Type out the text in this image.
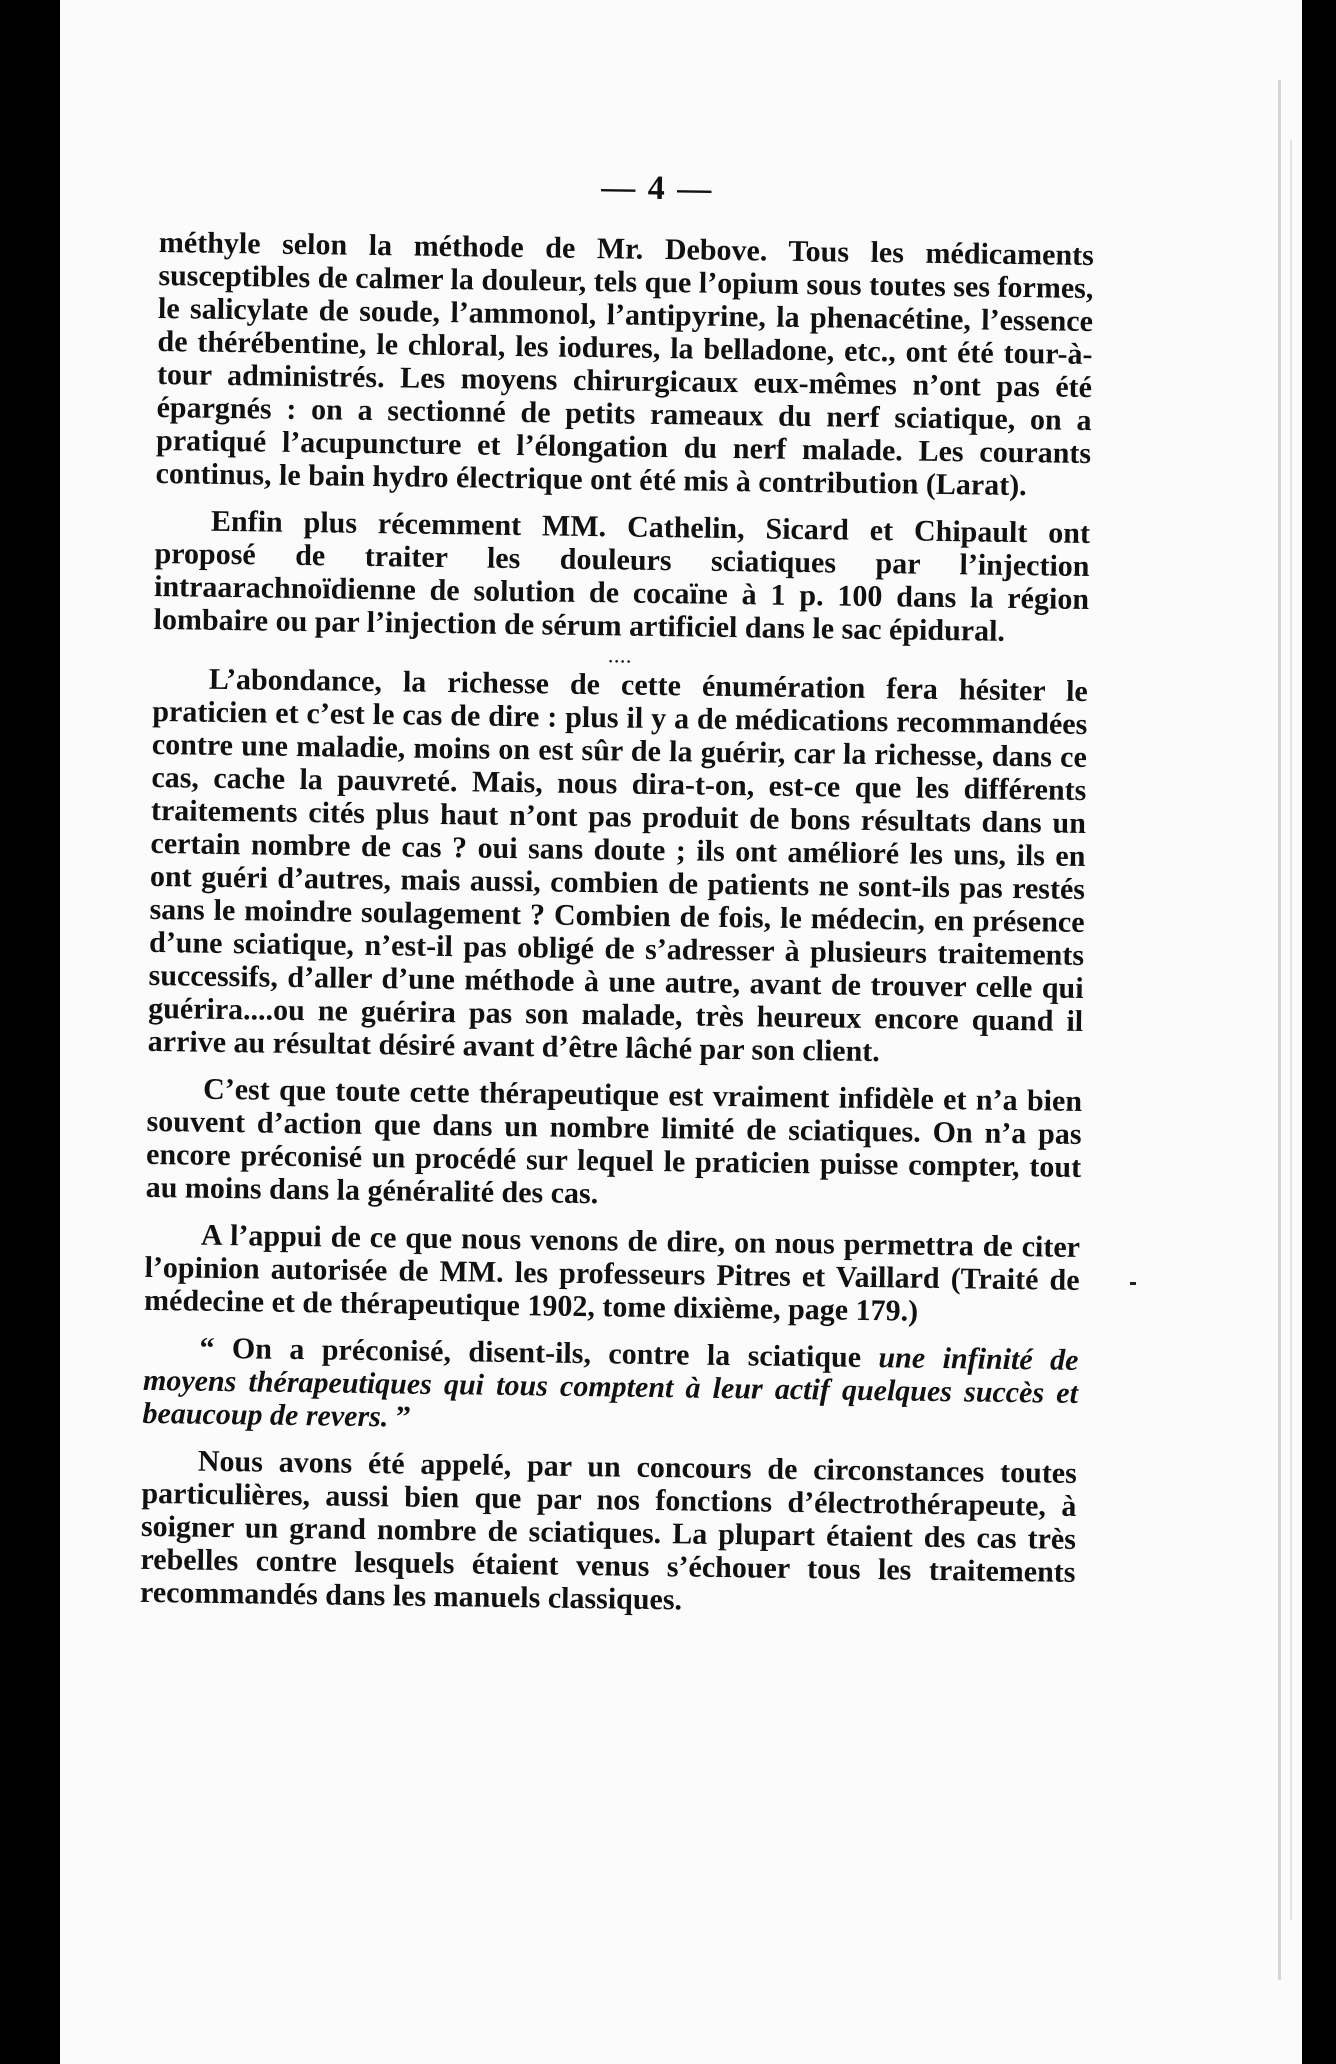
— 4 —

méthyle selon la méthode de Mr. Debove. Tous les médicaments susceptibles de calmer la douleur, tels que l’opium sous toutes ses formes, le salicylate de soude, l’ammonol, l’antipyrine, la phenacétine, l’essence de thérébentine, le chloral, les iodures, la belladone, etc., ont été tour-à-tour administrés. Les moyens chirurgicaux eux-mêmes n’ont pas été épargnés : on a sectionné de petits rameaux du nerf sciatique, on a pratiqué l’acupuncture et l’élongation du nerf malade. Les courants continus, le bain hydro électrique ont été mis à contribution (Larat).

Enfin plus récemment MM. Cathelin, Sicard et Chipault ont proposé de traiter les douleurs sciatiques par l’injection intraarachnoïdienne de solution de cocaïne à 1 p. 100 dans la région lombaire ou par l’injection de sérum artificiel dans le sac épidural.

....

L’abondance, la richesse de cette énumération fera hésiter le praticien et c’est le cas de dire : plus il y a de médications recommandées contre une maladie, moins on est sûr de la guérir, car la richesse, dans ce cas, cache la pauvreté. Mais, nous dira-t-on, est-ce que les différents traitements cités plus haut n’ont pas produit de bons résultats dans un certain nombre de cas ? oui sans doute ; ils ont amélioré les uns, ils en ont guéri d’autres, mais aussi, combien de patients ne sont-ils pas restés sans le moindre soulagement ? Combien de fois, le médecin, en présence d’une sciatique, n’est-il pas obligé de s’adresser à plusieurs traitements successifs, d’aller d’une méthode à une autre, avant de trouver celle qui guérira....ou ne guérira pas son malade, très heureux encore quand il arrive au résultat désiré avant d’être lâché par son client.

C’est que toute cette thérapeutique est vraiment infidèle et n’a bien souvent d’action que dans un nombre limité de sciatiques. On n’a pas encore préconisé un procédé sur lequel le praticien puisse compter, tout au moins dans la généralité des cas.

A l’appui de ce que nous venons de dire, on nous permettra de citer l’opinion autorisée de MM. les professeurs Pitres et Vaillard (Traité de médecine et de thérapeutique 1902, tome dixième, page 179.)

“ On a préconisé, disent-ils, contre la sciatique une infinité de moyens thérapeutiques qui tous comptent à leur actif quelques succès et beaucoup de revers. ”

Nous avons été appelé, par un concours de circonstances toutes particulières, aussi bien que par nos fonctions d’électrothérapeute, à soigner un grand nombre de sciatiques. La plupart étaient des cas très rebelles contre lesquels étaient venus s’échouer tous les traitements recommandés dans les manuels classiques.
